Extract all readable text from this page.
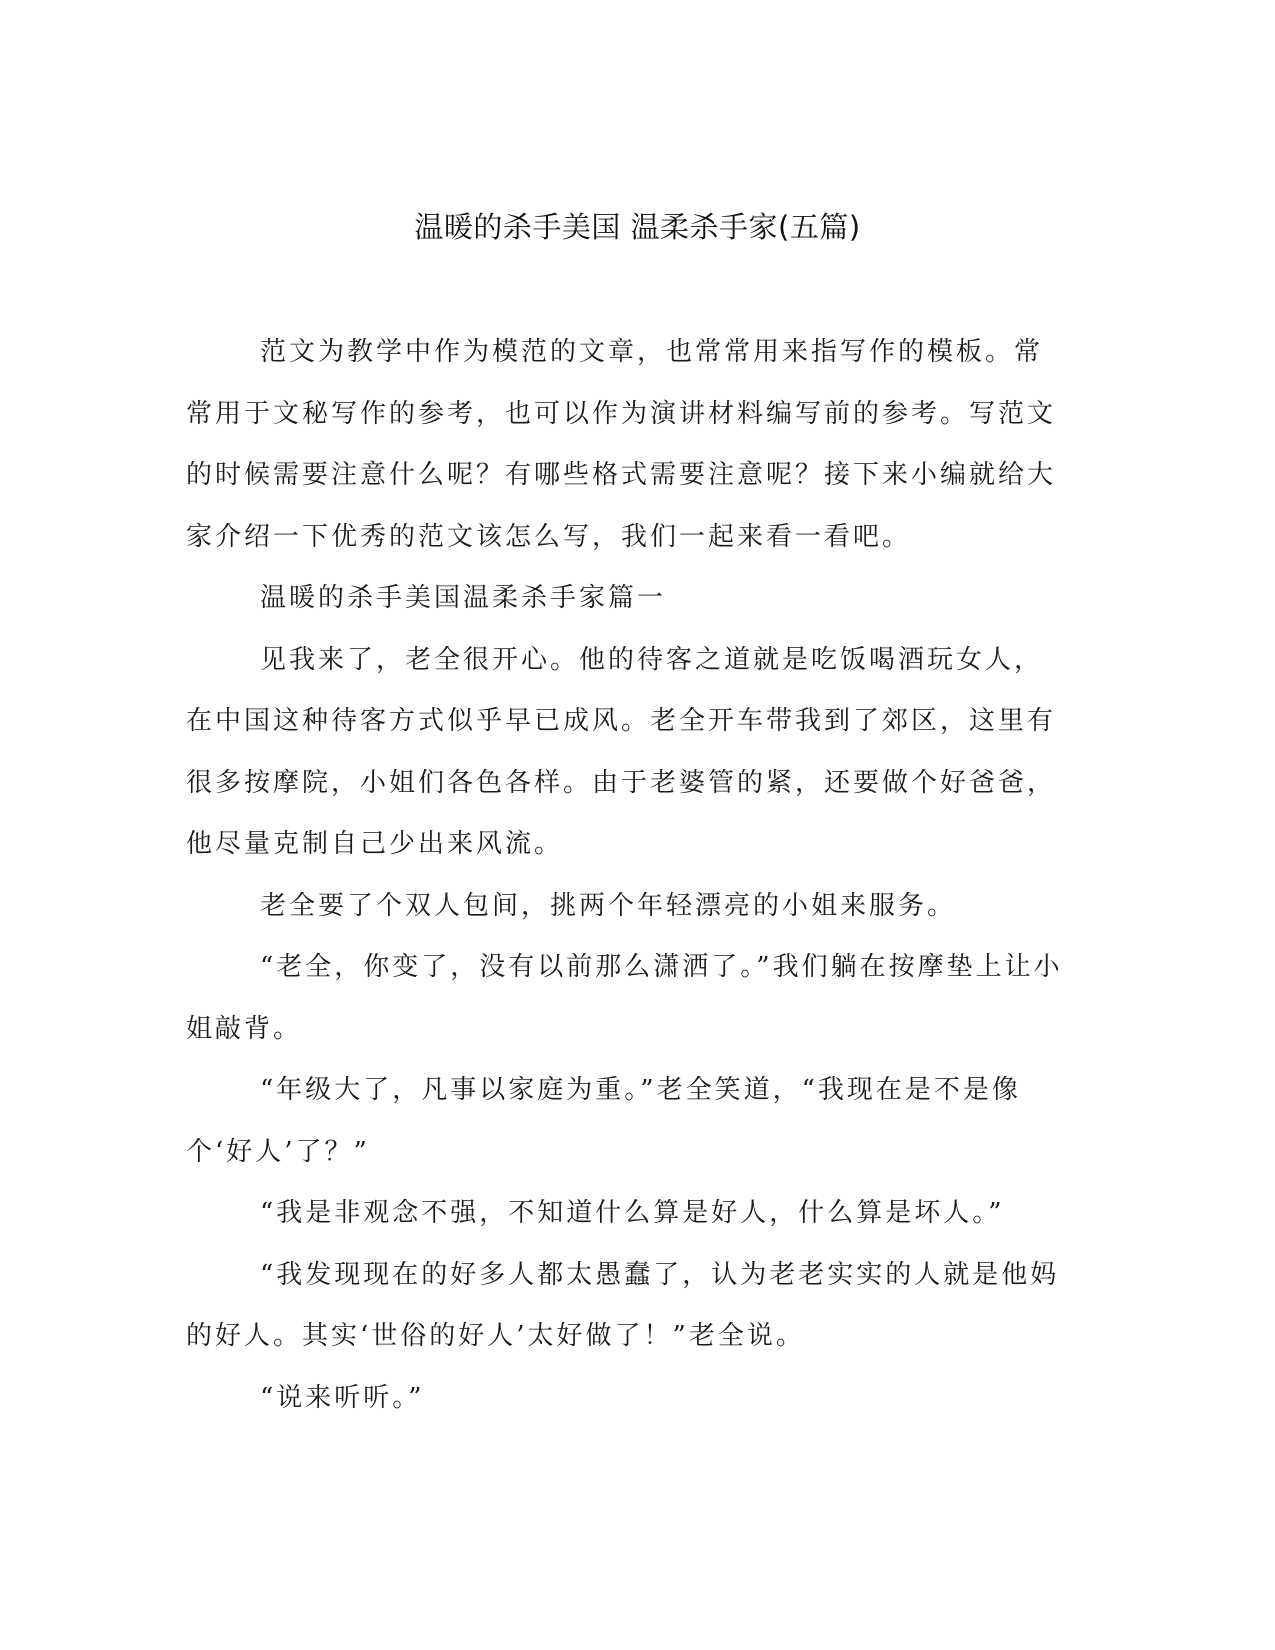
温暖的杀手美国 温柔杀手家(五篇)

范文为教学中作为模范的文章，也常常用来指写作的模板。常常用于文秘写作的参考，也可以作为演讲材料编写前的参考。写范文的时候需要注意什么呢？有哪些格式需要注意呢？接下来小编就给大家介绍一下优秀的范文该怎么写，我们一起来看一看吧。

温暖的杀手美国温柔杀手家篇一

见我来了，老全很开心。他的待客之道就是吃饭喝酒玩女人，在中国这种待客方式似乎早已成风。老全开车带我到了郊区，这里有很多按摩院，小姐们各色各样。由于老婆管的紧，还要做个好爸爸，他尽量克制自己少出来风流。

老全要了个双人包间，挑两个年轻漂亮的小姐来服务。

“老全，你变了，没有以前那么潇洒了。”我们躺在按摩垫上让小姐敲背。

“年级大了，凡事以家庭为重。”老全笑道，“我现在是不是像个‘好人’了？”

“我是非观念不强，不知道什么算是好人，什么算是坏人。”

“我发现现在的好多人都太愚蠢了，认为老老实实的人就是他妈的好人。其实‘世俗的好人’太好做了！”老全说。

“说来听听。”
